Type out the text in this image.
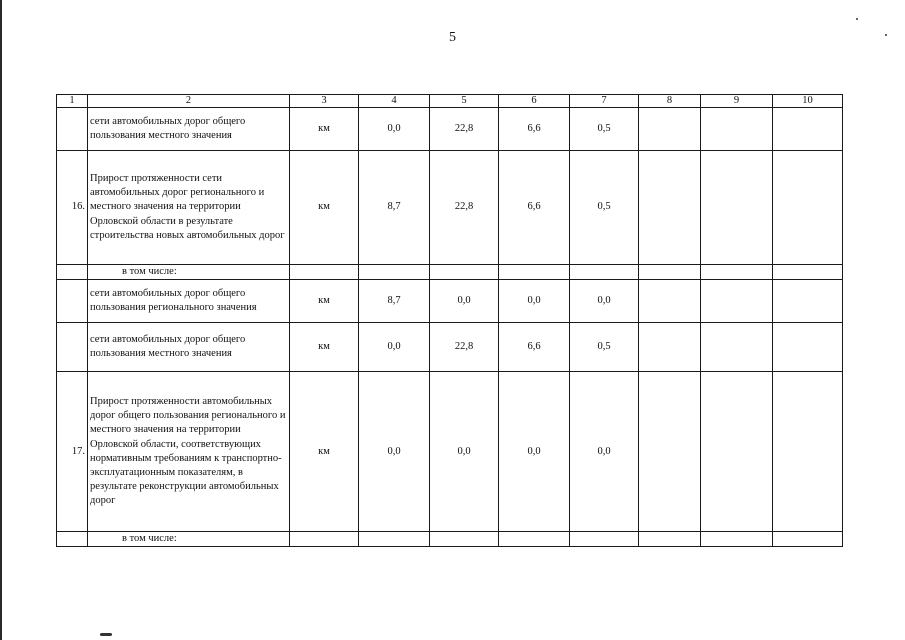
5
1	2	3	4	5	6	7	8	9	10
	сети автомобильных дорог общего пользования местного значения	км	0,0	22,8	6,6	0,5			
16.	Прирост протяженности сети автомобильных дорог регионального и местного значения на территории Орловской области в результате строительства новых автомобильных дорог	км	8,7	22,8	6,6	0,5			
	в том числе:								
	сети автомобильных дорог общего пользования регионального значения	км	8,7	0,0	0,0	0,0			
	сети автомобильных дорог общего пользования местного значения	км	0,0	22,8	6,6	0,5			
17.	Прирост протяженности автомобильных дорог общего пользования регионального и местного значения на территории Орловской области, соответствующих нормативным требованиям к транспортно-эксплуатационным показателям, в результате реконструкции автомобильных дорог	км	0,0	0,0	0,0	0,0			
	в том числе:								
